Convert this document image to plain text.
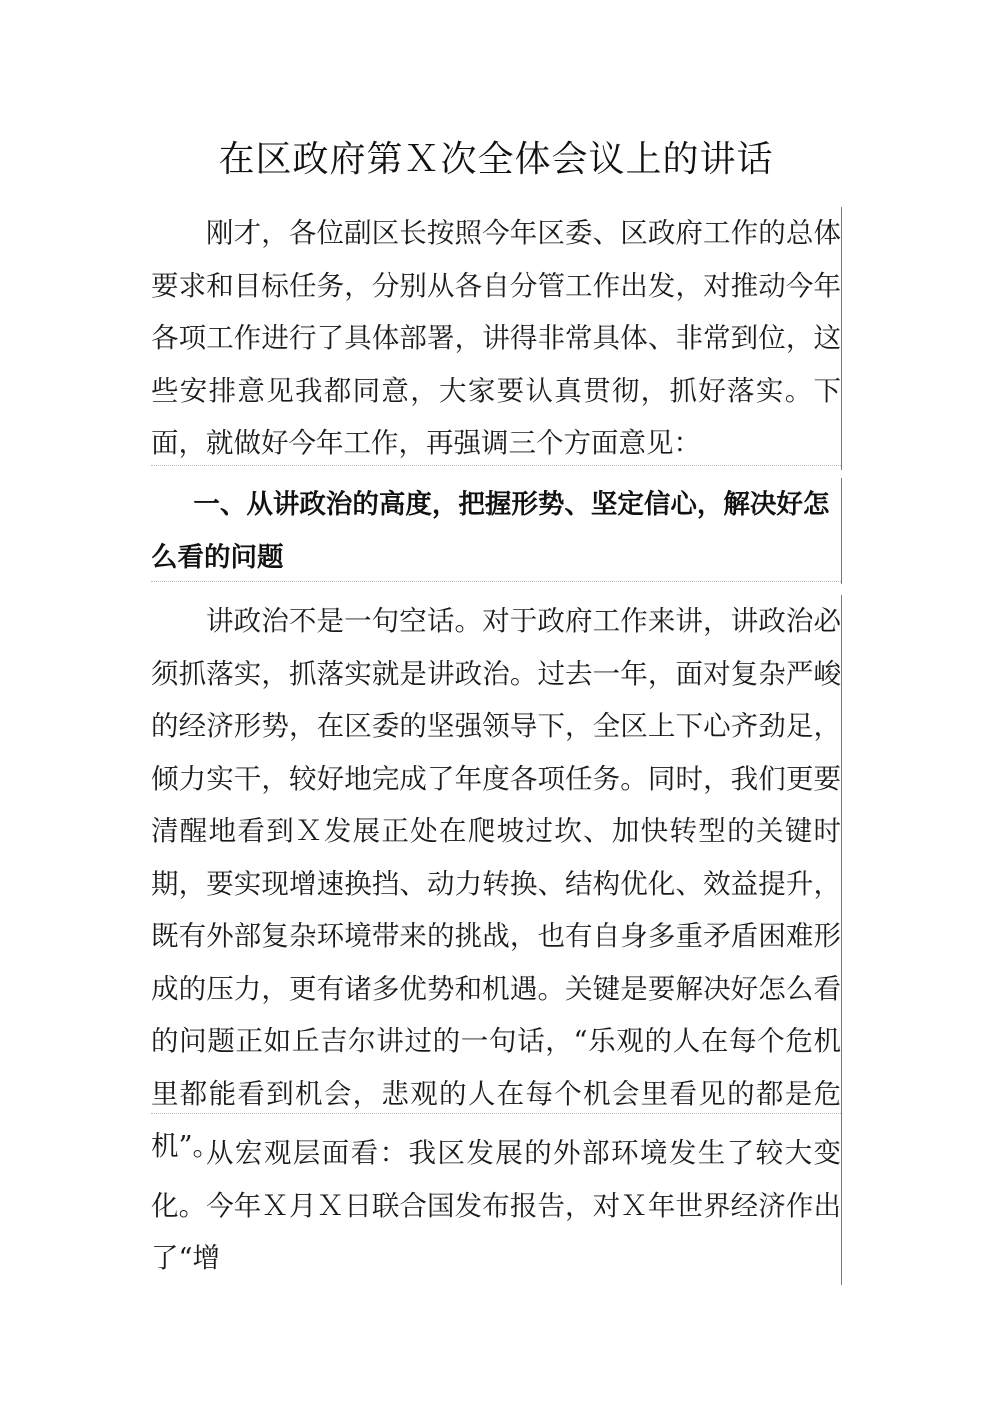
在区政府第Ｘ次全体会议上的讲话

刚才，各位副区长按照今年区委、区政府工作的总体要求和目标任务，分别从各自分管工作出发，对推动今年各项工作进行了具体部署，讲得非常具体、非常到位，这些安排意见我都同意，大家要认真贯彻，抓好落实。下面，就做好今年工作，再强调三个方面意见：

一、从讲政治的高度，把握形势、坚定信心，解决好怎么看的问题

讲政治不是一句空话。对于政府工作来讲，讲政治必须抓落实，抓落实就是讲政治。过去一年，面对复杂严峻的经济形势，在区委的坚强领导下，全区上下心齐劲足，倾力实干，较好地完成了年度各项任务。同时，我们更要清醒地看到Ｘ发展正处在爬坡过坎、加快转型的关键时期，要实现增速换挡、动力转换、结构优化、效益提升，既有外部复杂环境带来的挑战，也有自身多重矛盾困难形成的压力，更有诸多优势和机遇。关键是要解决好怎么看的问题正如丘吉尔讲过的一句话，“乐观的人在每个危机里都能看到机会，悲观的人在每个机会里看见的都是危机”。

从宏观层面看：我区发展的外部环境发生了较大变化。今年Ｘ月Ｘ日联合国发布报告，对Ｘ年世界经济作出了“增
